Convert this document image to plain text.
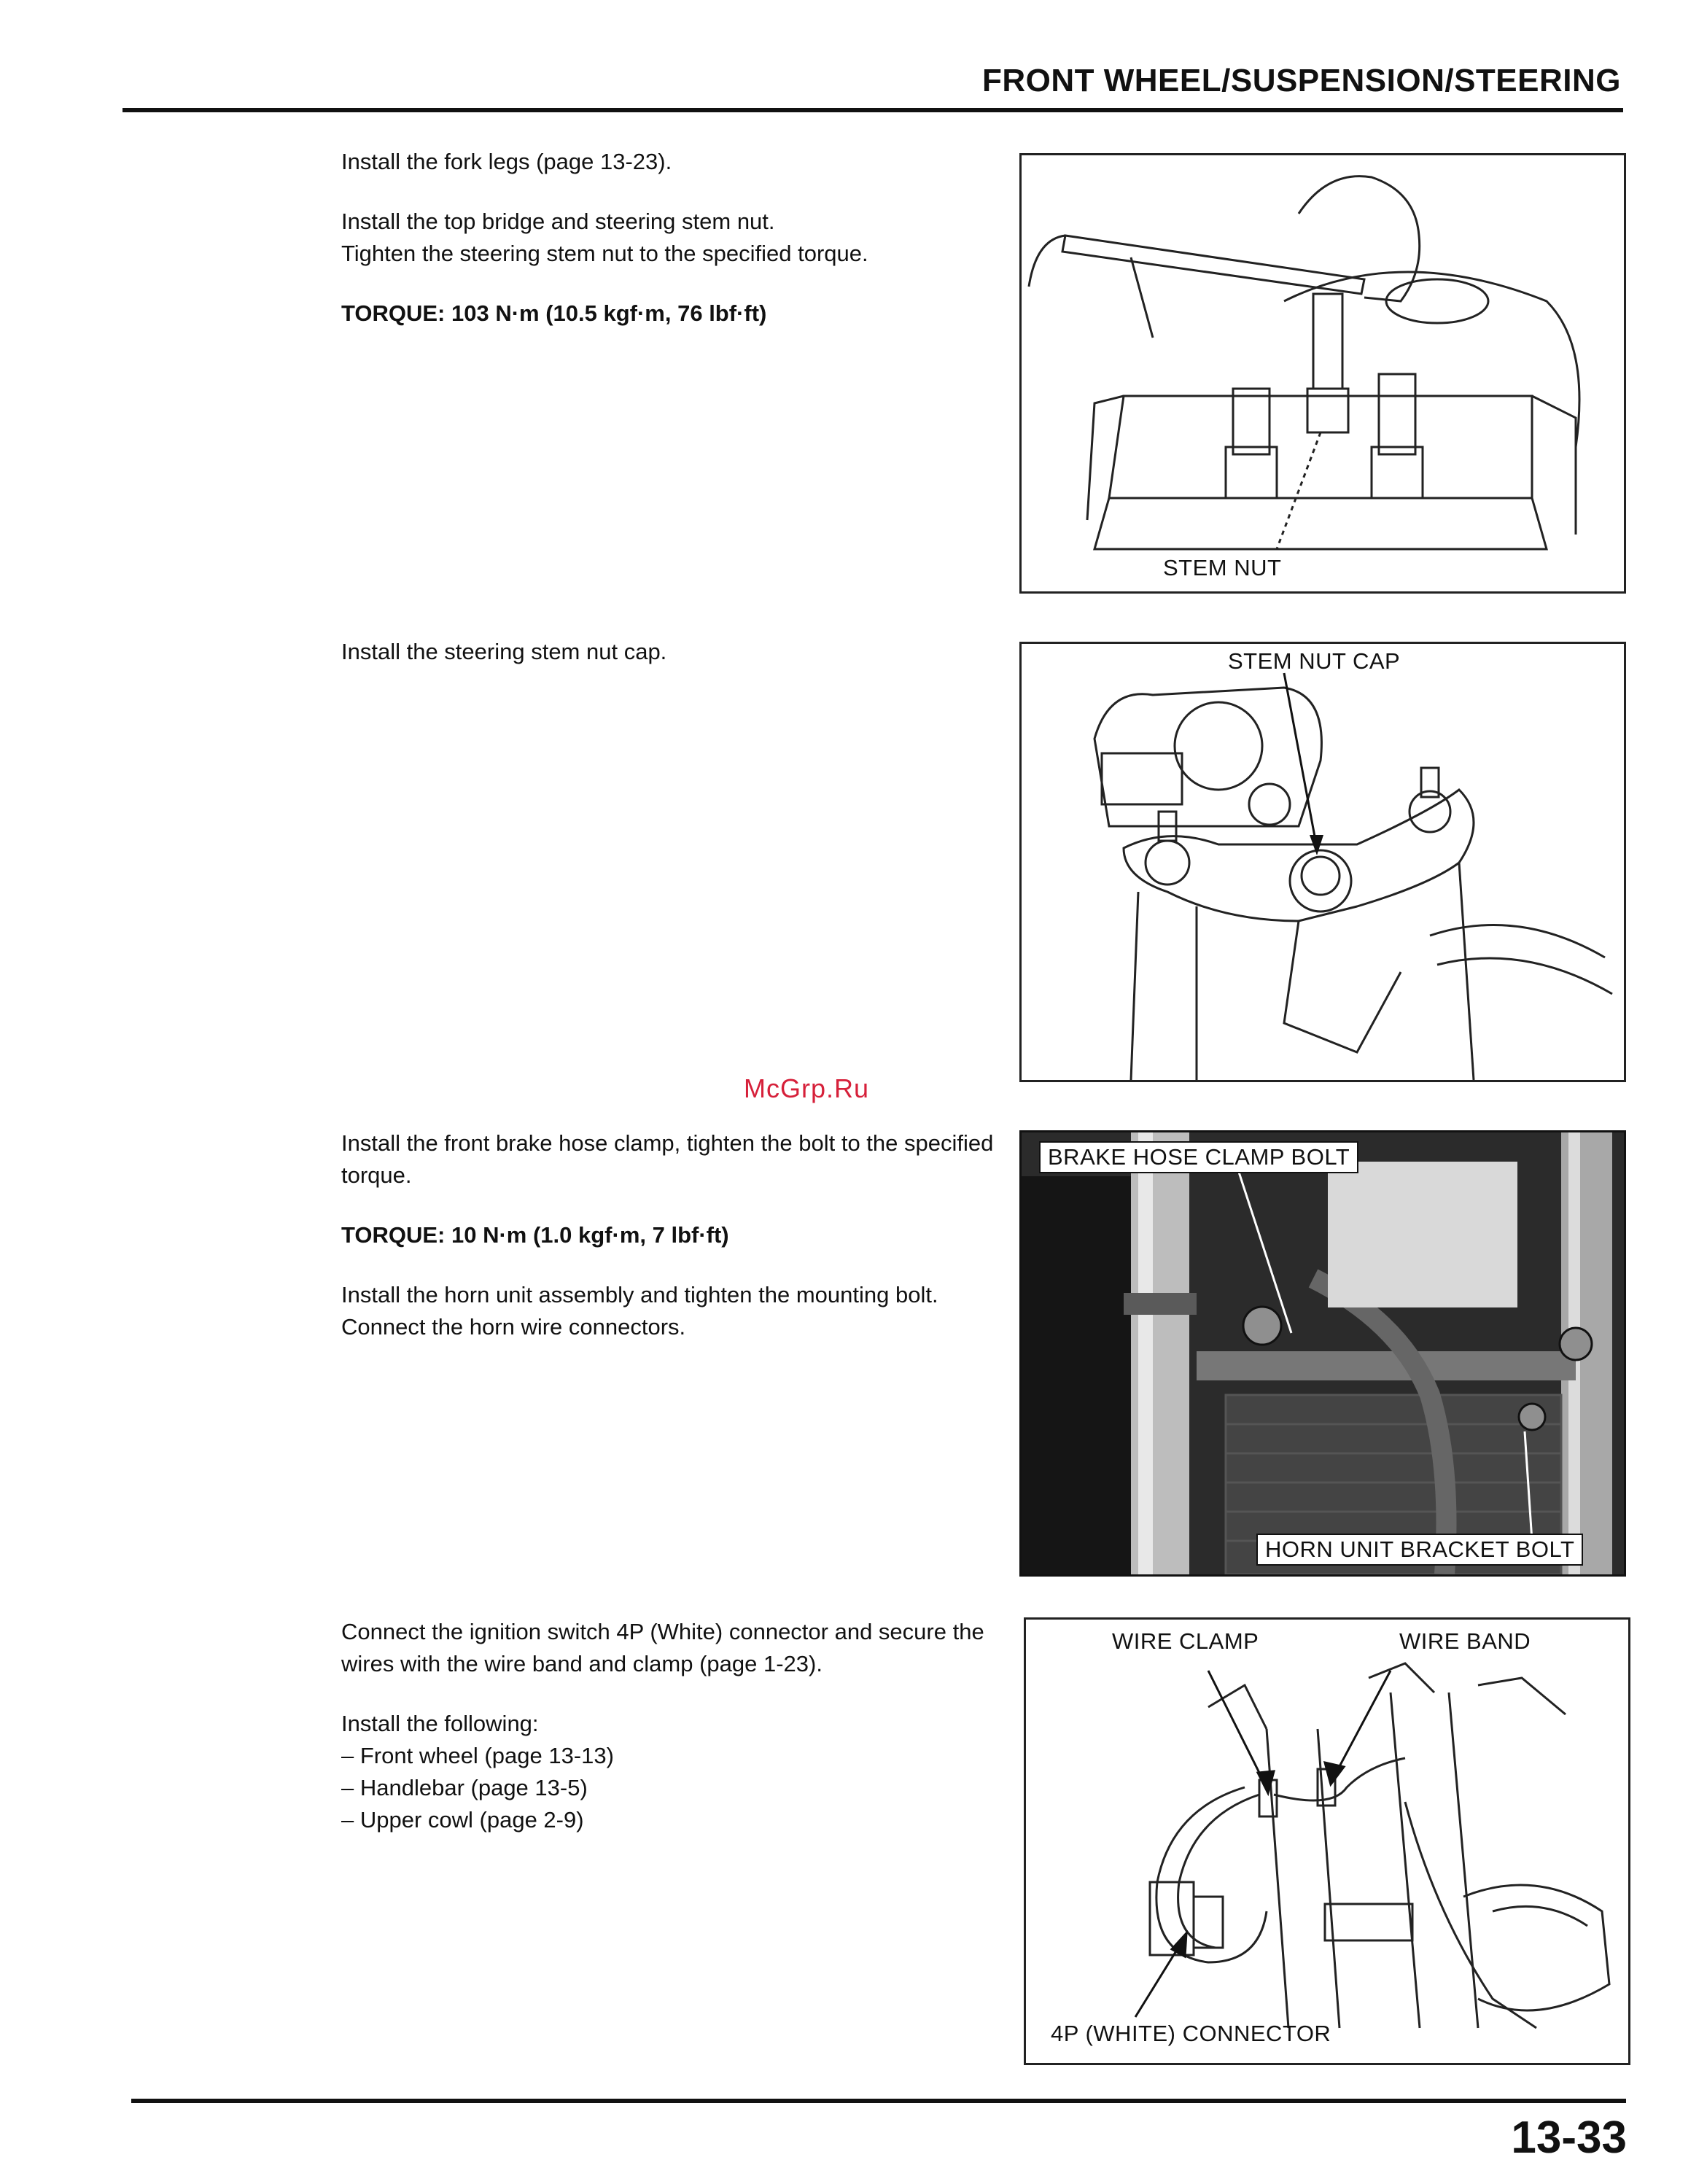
FRONT WHEEL/SUSPENSION/STEERING

Install the fork legs (page 13-23).

Install the top bridge and steering stem nut.

Tighten the steering stem nut to the specified torque.

TORQUE: 103 N·m (10.5 kgf·m, 76 lbf·ft)

STEM NUT

Install the steering stem nut cap.	STEM NUT CAP
McGrp.Ru

Install the front brake hose clamp, tighten the bolt to the specified torque.

TORQUE: 10 N·m (1.0 kgf·m, 7 lbf·ft)

Install the horn unit assembly and tighten the mounting bolt.

Connect the horn wire connectors.

BRAKE HOSE CLAMP BOLT
HORN UNIT BRACKET BOLT

Connect the ignition switch 4P (White) connector and secure the wires with the wire band and clamp (page 1-23).

Install the following:

– Front wheel (page 13-13)
– Handlebar (page 13-5)
– Upper cowl (page 2-9)
WIRE CLAMP	WIRE BAND
4P (WHITE) CONNECTOR
13-33
